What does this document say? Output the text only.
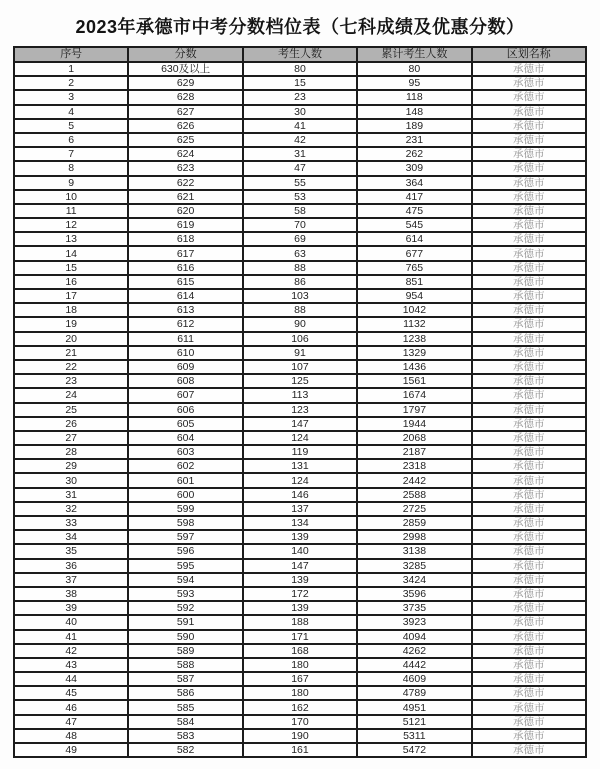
2023年承德市中考分数档位表（七科成绩及优惠分数）
序号	分数	考生人数	累计考生人数	区划名称
1	630及以上	80	80	承德市
2	629	15	95	承德市
3	628	23	118	承德市
4	627	30	148	承德市
5	626	41	189	承德市
6	625	42	231	承德市
7	624	31	262	承德市
8	623	47	309	承德市
9	622	55	364	承德市
10	621	53	417	承德市
11	620	58	475	承德市
12	619	70	545	承德市
13	618	69	614	承德市
14	617	63	677	承德市
15	616	88	765	承德市
16	615	86	851	承德市
17	614	103	954	承德市
18	613	88	1042	承德市
19	612	90	1132	承德市
20	611	106	1238	承德市
21	610	91	1329	承德市
22	609	107	1436	承德市
23	608	125	1561	承德市
24	607	113	1674	承德市
25	606	123	1797	承德市
26	605	147	1944	承德市
27	604	124	2068	承德市
28	603	119	2187	承德市
29	602	131	2318	承德市
30	601	124	2442	承德市
31	600	146	2588	承德市
32	599	137	2725	承德市
33	598	134	2859	承德市
34	597	139	2998	承德市
35	596	140	3138	承德市
36	595	147	3285	承德市
37	594	139	3424	承德市
38	593	172	3596	承德市
39	592	139	3735	承德市
40	591	188	3923	承德市
41	590	171	4094	承德市
42	589	168	4262	承德市
43	588	180	4442	承德市
44	587	167	4609	承德市
45	586	180	4789	承德市
46	585	162	4951	承德市
47	584	170	5121	承德市
48	583	190	5311	承德市
49	582	161	5472	承德市
